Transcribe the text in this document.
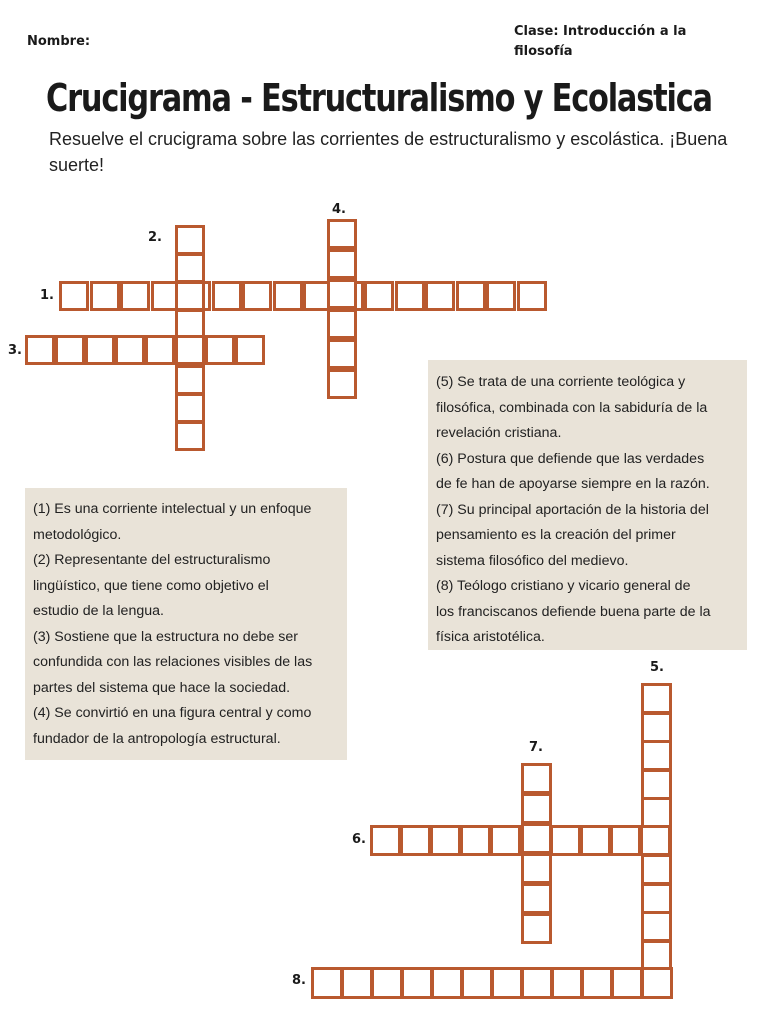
Nombre:
Clase: Introducción a la filosofía
Crucigrama - Estructuralismo y Ecolastica
Resuelve el crucigrama sobre las corrientes de estructuralismo y escolástica. ¡Buena suerte!
(1) Es una corriente intelectual y un enfoque
metodológico.
(2) Representante del estructuralismo
lingüístico, que tiene como objetivo el
estudio de la lengua.
(3) Sostiene que la estructura no debe ser
confundida con las relaciones visibles de las
partes del sistema que hace la sociedad.
(4) Se convirtió en una figura central y como
fundador de la antropología estructural.
(5) Se trata de una corriente teológica y
filosófica, combinada con la sabiduría de la
revelación cristiana.
(6) Postura que defiende que las verdades
de fe han de apoyarse siempre en la razón.
(7) Su principal aportación de la historia del
pensamiento es la creación del primer
sistema filosófico del medievo.
(8) Teólogo cristiano y vicario general de
los franciscanos defiende buena parte de la
física aristotélica.
1.
2.
3.
4.
5.
6.
7.
8.
